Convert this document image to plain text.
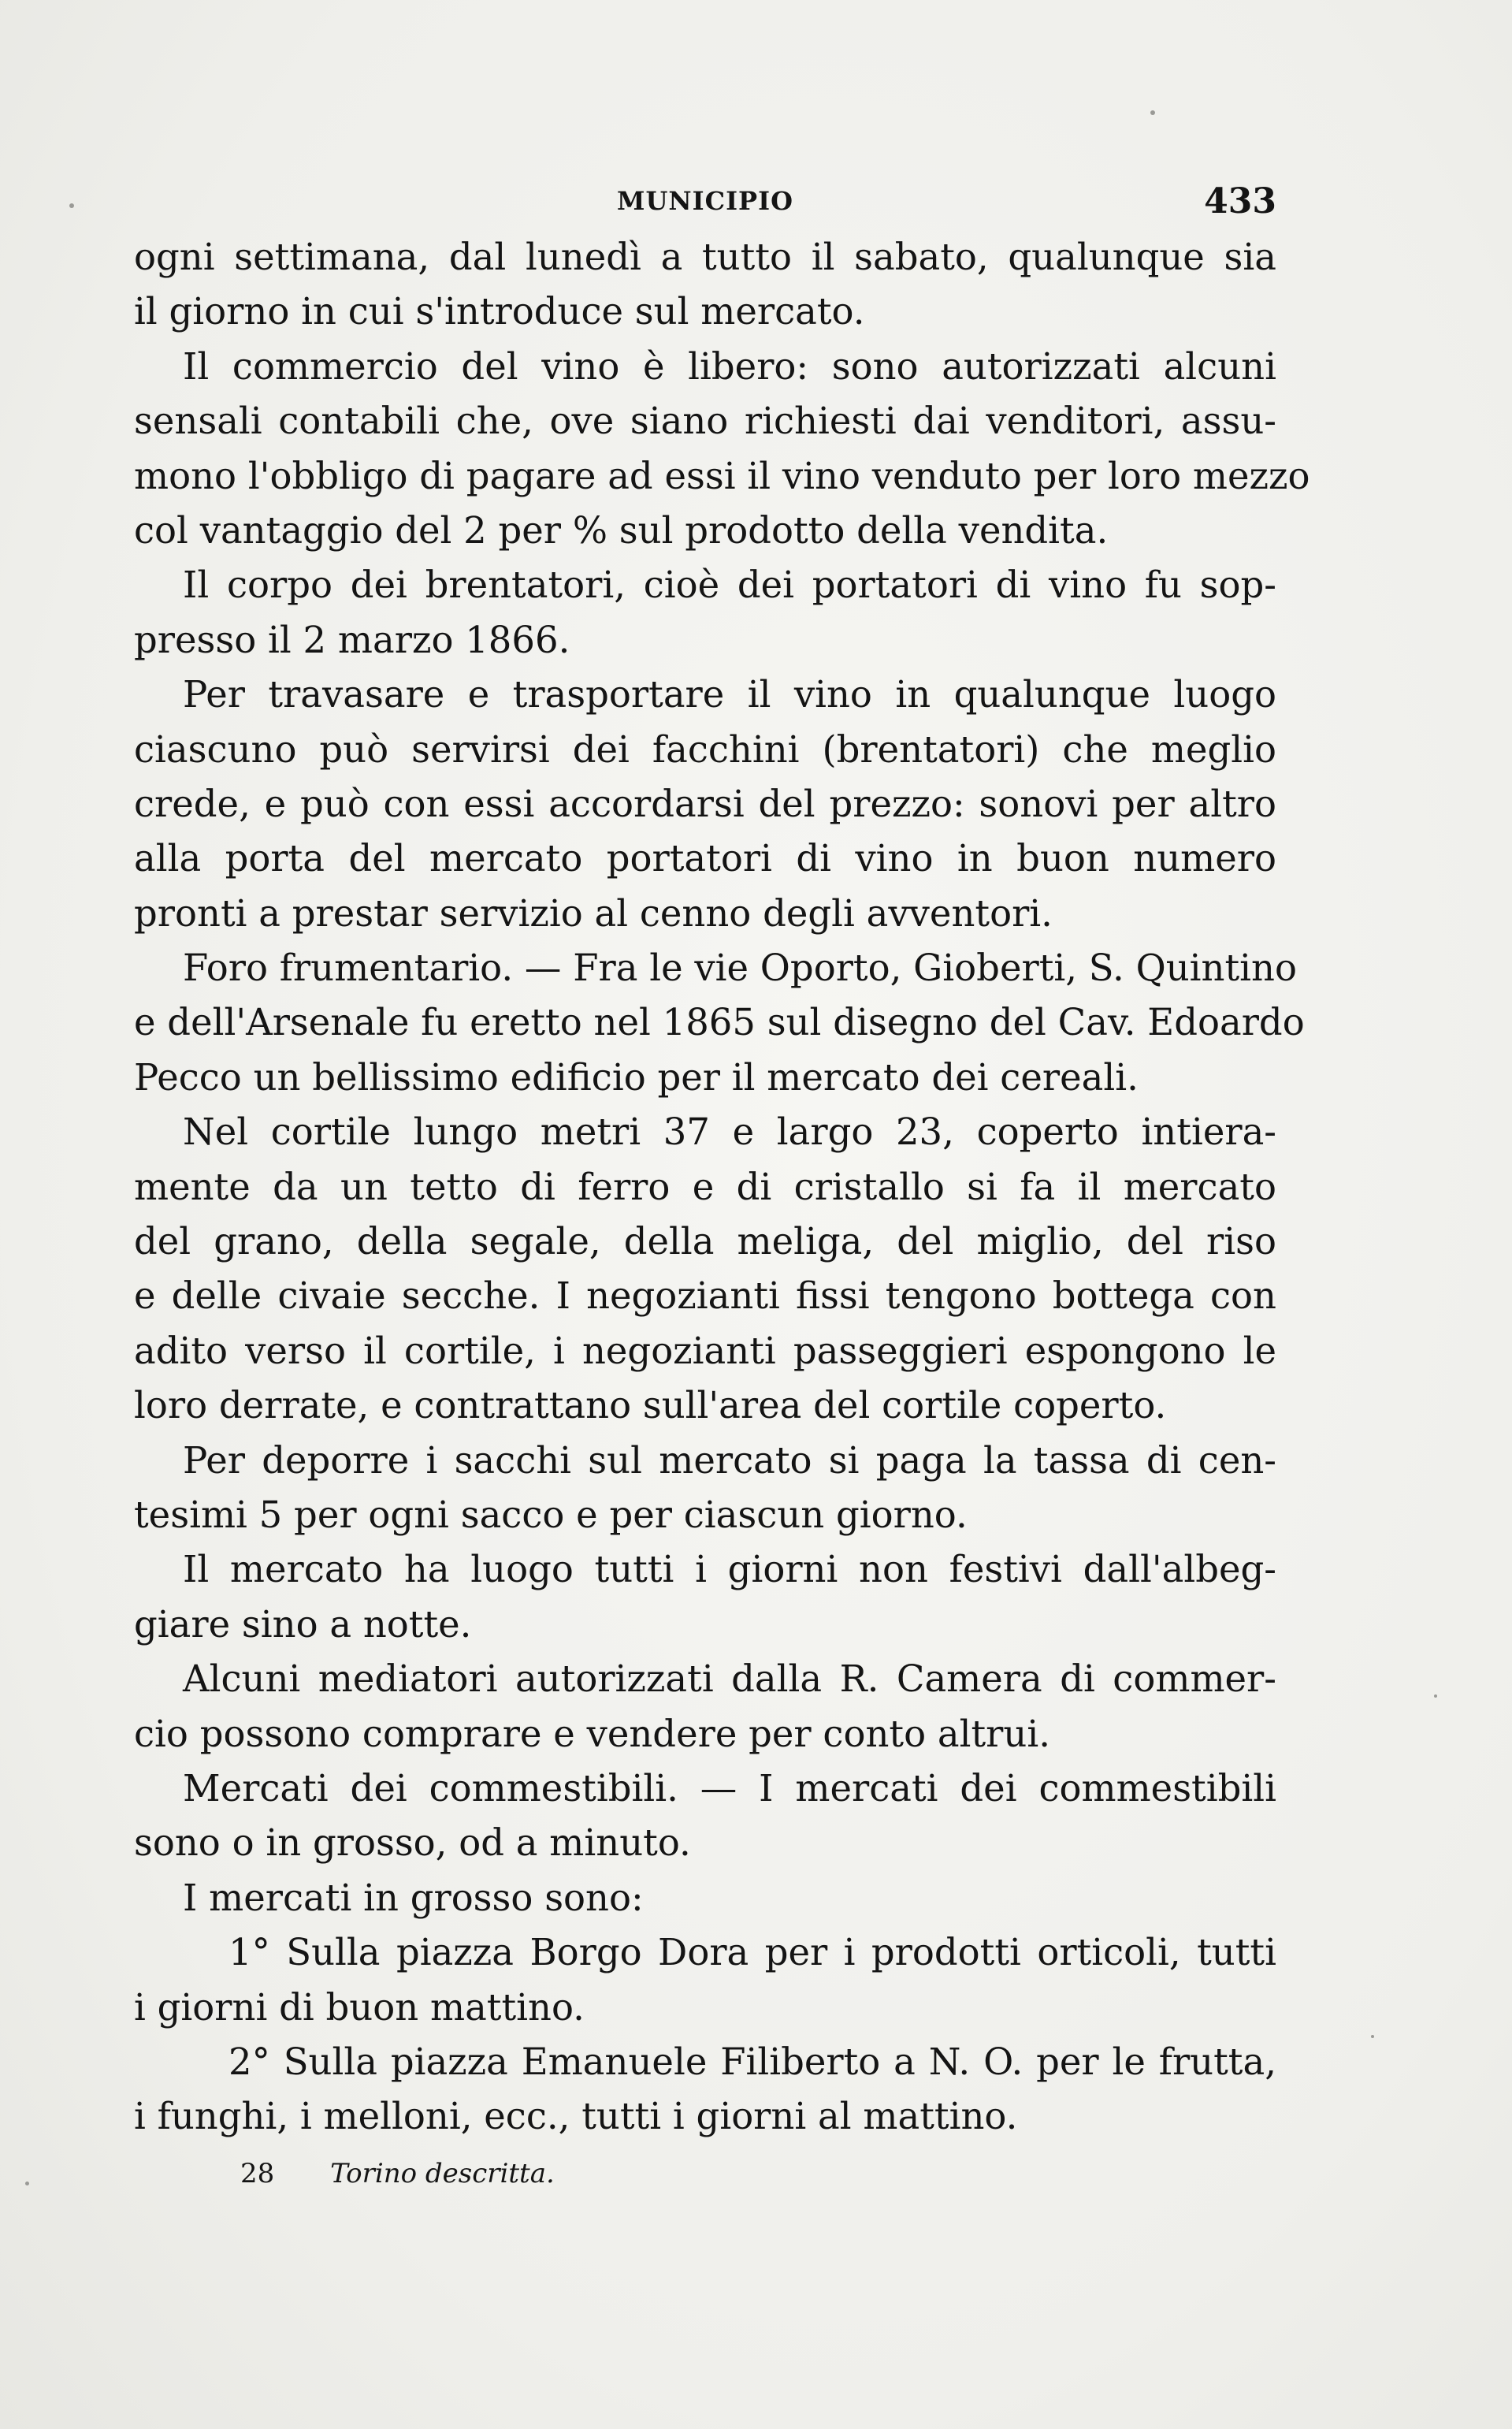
MUNICIPIO	433
ogni settimana, dal lunedì a tutto il sabato, qualunque sia
il giorno in cui s'introduce sul mercato.
Il commercio del vino è libero: sono autorizzati alcuni
sensali contabili che, ove siano richiesti dai venditori, assu-
mono l'obbligo di pagare ad essi il vino venduto per loro mezzo
col vantaggio del 2 per % sul prodotto della vendita.
Il corpo dei brentatori, cioè dei portatori di vino fu sop-
presso il 2 marzo 1866.
Per travasare e trasportare il vino in qualunque luogo
ciascuno può servirsi dei facchini (brentatori) che meglio
crede, e può con essi accordarsi del prezzo: sonovi per altro
alla porta del mercato portatori di vino in buon numero
pronti a prestar servizio al cenno degli avventori.
Foro frumentario. — Fra le vie Oporto, Gioberti, S. Quintino
e dell'Arsenale fu eretto nel 1865 sul disegno del Cav. Edoardo
Pecco un bellissimo edificio per il mercato dei cereali.
Nel cortile lungo metri 37 e largo 23, coperto intiera-
mente da un tetto di ferro e di cristallo si fa il mercato
del grano, della segale, della meliga, del miglio, del riso
e delle civaie secche. I negozianti fissi tengono bottega con
adito verso il cortile, i negozianti passeggieri espongono le
loro derrate, e contrattano sull'area del cortile coperto.
Per deporre i sacchi sul mercato si paga la tassa di cen-
tesimi 5 per ogni sacco e per ciascun giorno.
Il mercato ha luogo tutti i giorni non festivi dall'albeg-
giare sino a notte.
Alcuni mediatori autorizzati dalla R. Camera di commer-
cio possono comprare e vendere per conto altrui.
Mercati dei commestibili. — I mercati dei commestibili
sono o in grosso, od a minuto.
I mercati in grosso sono:
1° Sulla piazza Borgo Dora per i prodotti orticoli, tutti
i giorni di buon mattino.
2° Sulla piazza Emanuele Filiberto a N. O. per le frutta,
i funghi, i melloni, ecc., tutti i giorni al mattino.
28 Torino descritta.
